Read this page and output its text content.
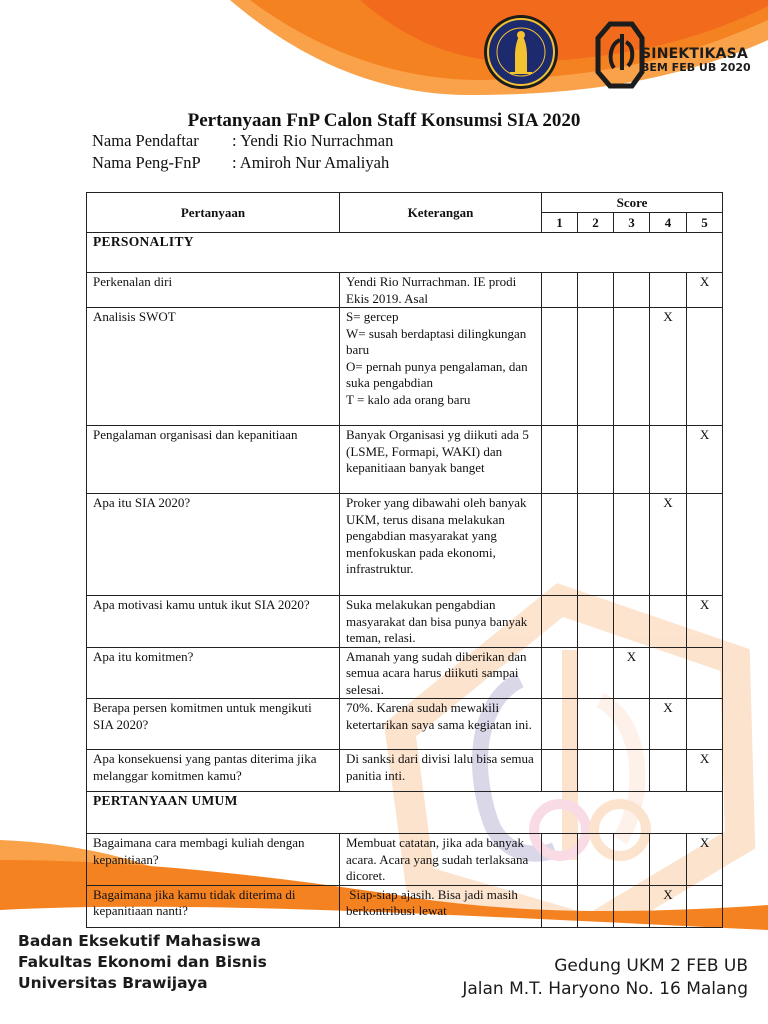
SINEKTIKASA
BEM FEB UB 2020
Pertanyaan FnP Calon Staff Konsumsi SIA 2020
Nama Pendaftar : Yendi Rio Nurrachman
Nama Peng-FnP : Amiroh Nur Amaliyah
Pertanyaan	Keterangan	Score				
		1	2	3	4	5
PERSONALITY						
Perkenalan diri	Yendi Rio Nurrachman. IE prodi Ekis 2019. Asal					X
Analisis SWOT	S= gercep
W= susah berdaptasi dilingkungan baru
O= pernah punya pengalaman, dan suka pengabdian
T = kalo ada orang baru				X	
Pengalaman organisasi dan kepanitiaan	Banyak Organisasi yg diikuti ada 5 (LSME, Formapi, WAKI) dan kepanitiaan banyak banget					X
Apa itu SIA 2020?	Proker yang dibawahi oleh banyak UKM, terus disana melakukan pengabdian masyarakat yang menfokuskan pada ekonomi, infrastruktur.				X	
Apa motivasi kamu untuk ikut SIA 2020?	Suka melakukan pengabdian masyarakat dan bisa punya banyak teman, relasi.					X
Apa itu komitmen?	Amanah yang sudah diberikan dan semua acara harus diikuti sampai selesai.			X		
Berapa persen komitmen untuk mengikuti SIA 2020?	70%. Karena sudah mewakili ketertarikan saya sama kegiatan ini.				X	
Apa konsekuensi yang pantas diterima jika melanggar komitmen kamu?	Di sanksi dari divisi lalu bisa semua panitia inti.					X
PERTANYAAN UMUM						
Bagaimana cara membagi kuliah dengan kepanitiaan?	Membuat catatan, jika ada banyak acara. Acara yang sudah terlaksana dicoret.					X
Bagaimana jika kamu tidak diterima di kepanitiaan nanti?	Siap-siap ajasih. Bisa jadi masih berkontribusi lewat				X	
Badan Eksekutif Mahasiswa
Fakultas Ekonomi dan Bisnis
Universitas Brawijaya
Gedung UKM 2 FEB UB
Jalan M.T. Haryono No. 16 Malang
